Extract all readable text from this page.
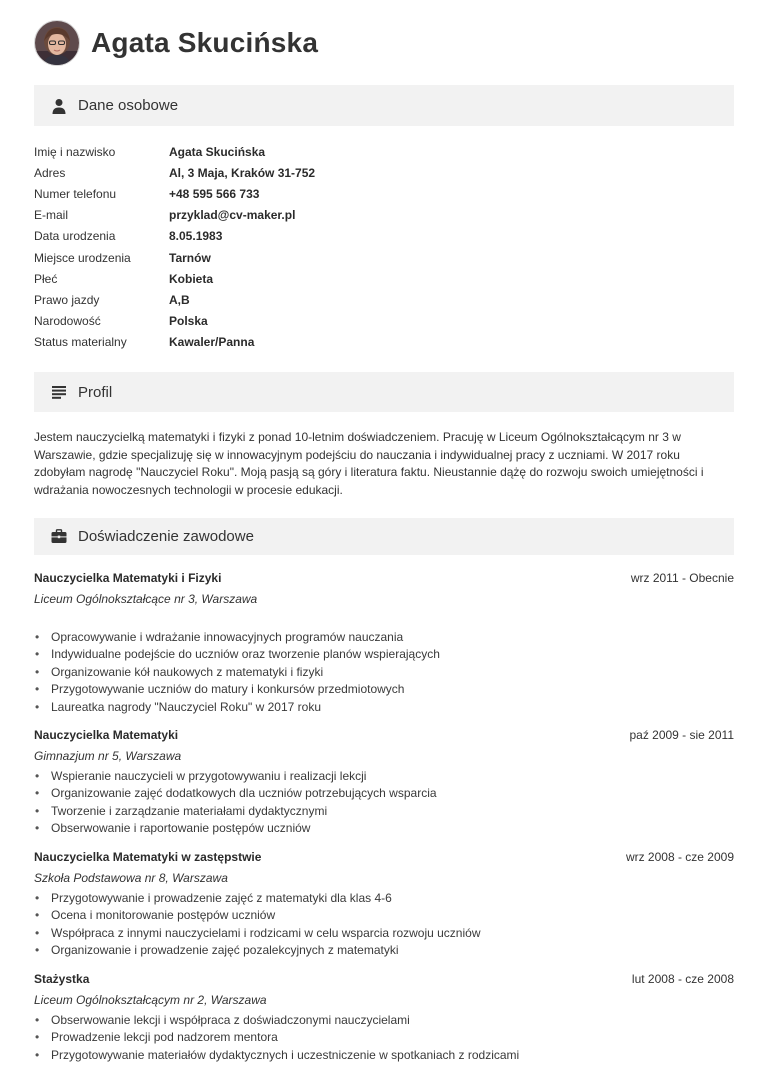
Agata Skucińska
Dane osobowe
Imię i nazwisko	Agata Skucińska
Adres	Al, 3 Maja, Kraków 31-752
Numer telefonu	+48 595 566 733
E-mail	przyklad@cv-maker.pl
Data urodzenia	8.05.1983
Miejsce urodzenia	Tarnów
Płeć	Kobieta
Prawo jazdy	A,B
Narodowość	Polska
Status materialny	Kawaler/Panna
Profil
Jestem nauczycielką matematyki i fizyki z ponad 10-letnim doświadczeniem. Pracuję w Liceum Ogólnokształcącym nr 3 w Warszawie, gdzie specjalizuję się w innowacyjnym podejściu do nauczania i indywidualnej pracy z uczniami. W 2017 roku zdobyłam nagrodę "Nauczyciel Roku". Moją pasją są góry i literatura faktu. Nieustannie dążę do rozwoju swoich umiejętności i wdrażania nowoczesnych technologii w procesie edukacji.
Doświadczenie zawodowe
Nauczycielka Matematyki i Fizyki	wrz 2011 - Obecnie
Liceum Ogólnokształcące nr 3, Warszawa
• Opracowywanie i wdrażanie innowacyjnych programów nauczania
• Indywidualne podejście do uczniów oraz tworzenie planów wspierających
• Organizowanie kół naukowych z matematyki i fizyki
• Przygotowywanie uczniów do matury i konkursów przedmiotowych
• Laureatka nagrody "Nauczyciel Roku" w 2017 roku
Nauczycielka Matematyki	paź 2009 - sie 2011
Gimnazjum nr 5, Warszawa
• Wspieranie nauczycieli w przygotowywaniu i realizacji lekcji
• Organizowanie zajęć dodatkowych dla uczniów potrzebujących wsparcia
• Tworzenie i zarządzanie materiałami dydaktycznymi
• Obserwowanie i raportowanie postępów uczniów
Nauczycielka Matematyki w zastępstwie	wrz 2008 - cze 2009
Szkoła Podstawowa nr 8, Warszawa
• Przygotowywanie i prowadzenie zajęć z matematyki dla klas 4-6
• Ocena i monitorowanie postępów uczniów
• Współpraca z innymi nauczycielami i rodzicami w celu wsparcia rozwoju uczniów
• Organizowanie i prowadzenie zajęć pozalekcyjnych z matematyki
Stażystka	lut 2008 - cze 2008
Liceum Ogólnokształcącym nr 2, Warszawa
• Obserwowanie lekcji i współpraca z doświadczonymi nauczycielami
• Prowadzenie lekcji pod nadzorem mentora
• Przygotowywanie materiałów dydaktycznych i uczestniczenie w spotkaniach z rodzicami
